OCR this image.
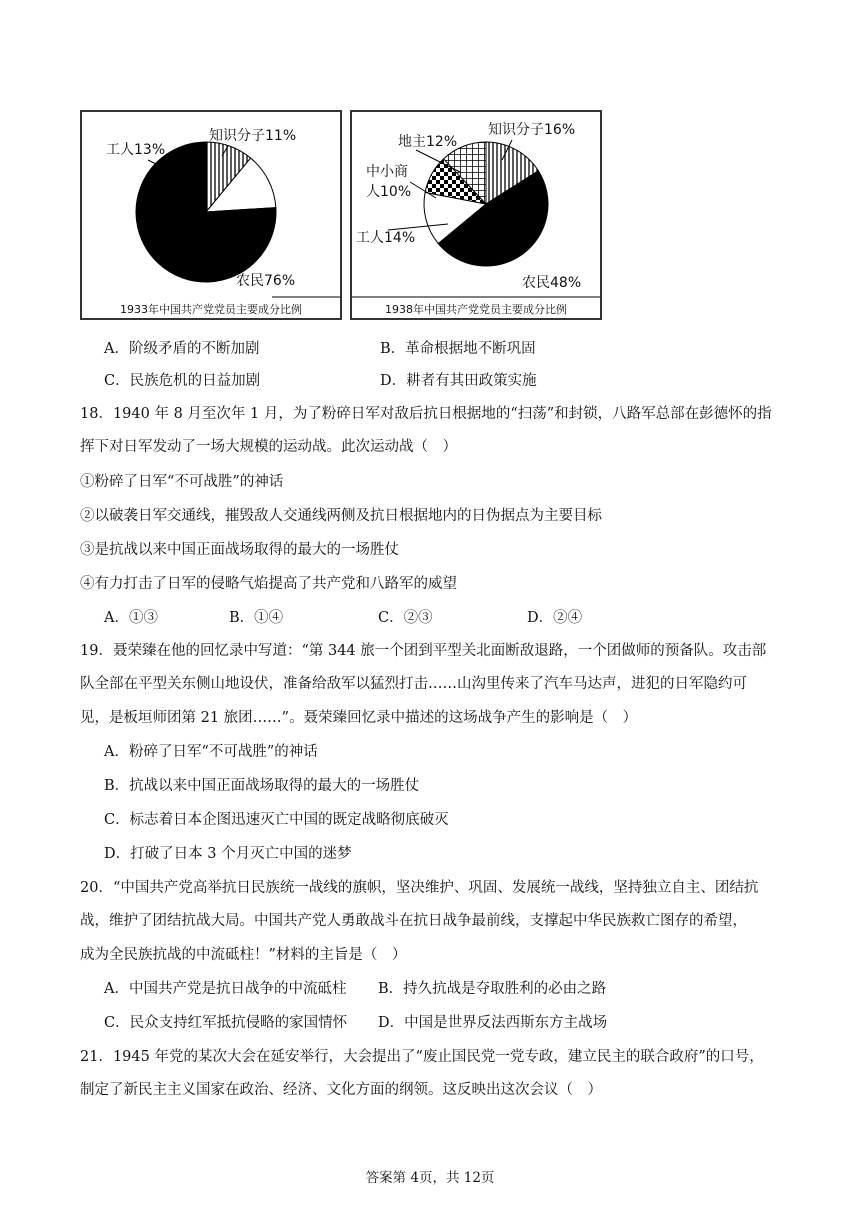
知识分子11%
工人13%
农民76%
1933年中国共产党党员主要成分比例
知识分子16%
地主12%
中小商
人10%
工人14%
农民48%
1938年中国共产党党员主要成分比例
A．阶级矛盾的不断加剧	B．革命根据地不断巩固
C．民族危机的日益加剧	D．耕者有其田政策实施
18．1940 年 8 月至次年 1 月，为了粉碎日军对敌后抗日根据地的“扫荡”和封锁，八路军总部在彭德怀的指
挥下对日军发动了一场大规模的运动战。此次运动战（　）
①粉碎了日军“不可战胜”的神话
②以破袭日军交通线，摧毁敌人交通线两侧及抗日根据地内的日伪据点为主要目标
③是抗战以来中国正面战场取得的最大的一场胜仗
④有力打击了日军的侵略气焰提高了共产党和八路军的威望
A．①③	B．①④	C．②③	D．②④
19．聂荣臻在他的回忆录中写道：“第 344 旅一个团到平型关北面断敌退路，一个团做师的预备队。攻击部
队全部在平型关东侧山地设伏，准备给敌军以猛烈打击……山沟里传来了汽车马达声，进犯的日军隐约可
见，是板垣师团第 21 旅团……”。聂荣臻回忆录中描述的这场战争产生的影响是（　）
A．粉碎了日军“不可战胜”的神话
B．抗战以来中国正面战场取得的最大的一场胜仗
C．标志着日本企图迅速灭亡中国的既定战略彻底破灭
D．打破了日本 3 个月灭亡中国的迷梦
20．“中国共产党高举抗日民族统一战线的旗帜，坚决维护、巩固、发展统一战线，坚持独立自主、团结抗
战，维护了团结抗战大局。中国共产党人勇敢战斗在抗日战争最前线，支撑起中华民族救亡图存的希望，
成为全民族抗战的中流砥柱！”材料的主旨是（　）
A．中国共产党是抗日战争的中流砥柱 B．持久抗战是夺取胜利的必由之路
C．民众支持红军抵抗侵略的家国情怀 D．中国是世界反法西斯东方主战场
21．1945 年党的某次大会在延安举行，大会提出了“废止国民党一党专政，建立民主的联合政府”的口号，
制定了新民主主义国家在政治、经济、文化方面的纲领。这反映出这次会议（　）
答案第 4页，共 12页
